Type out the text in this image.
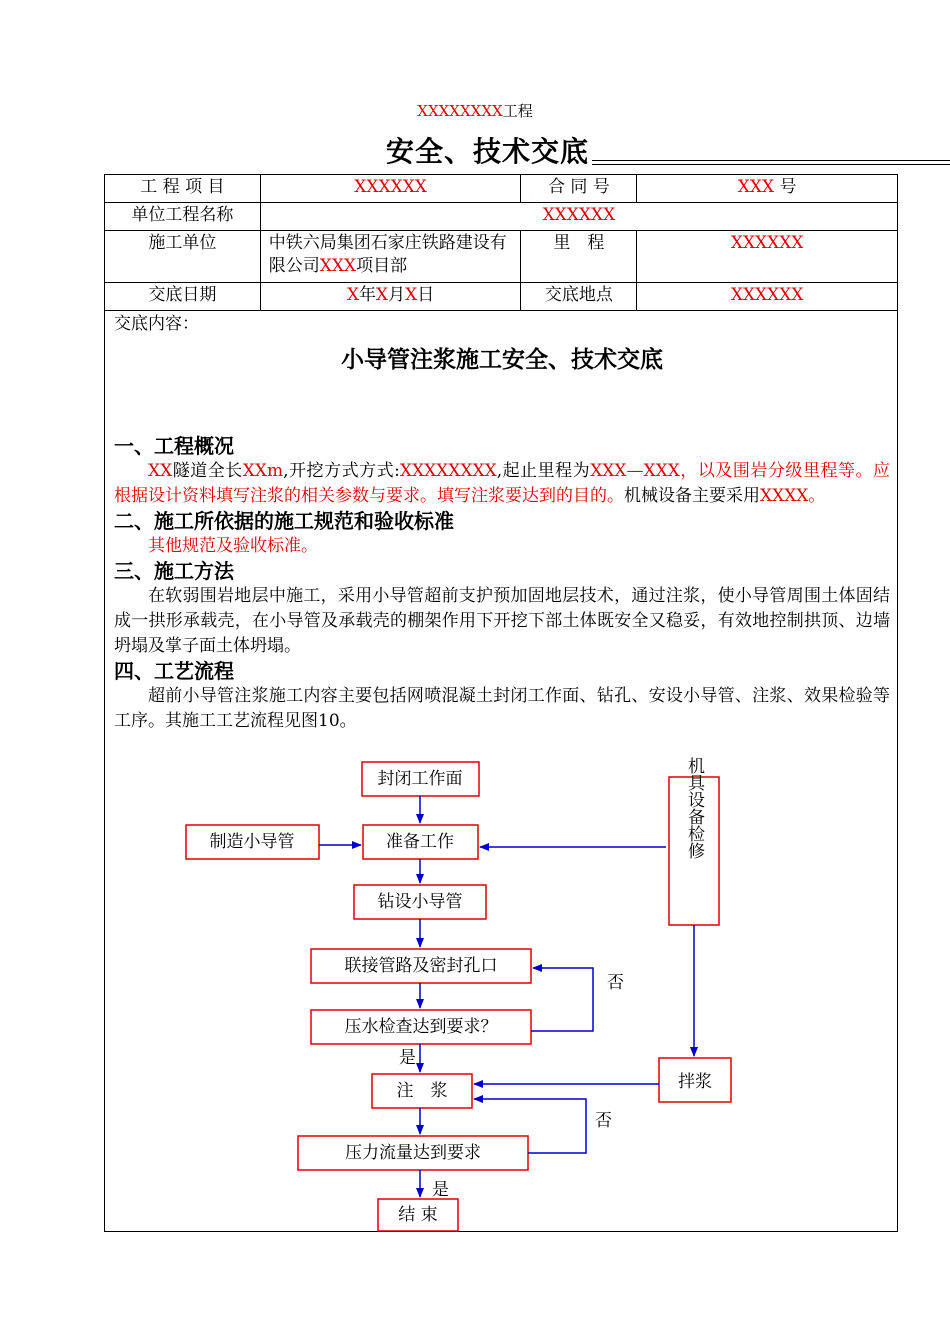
XXXXXXXX工程
安全、技术交底
工 程 项 目	XXXXXX	合 同 号	XXX 号
单位工程名称	XXXXXX		
施工单位	中铁六局集团石家庄铁路建设有限公司XXX项目部	里　程	XXXXXX
交底日期	X年X月X日	交底地点	XXXXXX
交底内容：
小导管注浆施工安全、技术交底
一、工程概况
XX隧道全长XXm,开挖方式方式:XXXXXXXX,起止里程为XXX—XXX，以及围岩分级里程等。应根据设计资料填写注浆的相关参数与要求。填写注浆要达到的目的。机械设备主要采用XXXX。
二、施工所依据的施工规范和验收标准
其他规范及验收标准。
三、施工方法
在软弱围岩地层中施工，采用小导管超前支护预加固地层技术，通过注浆，使小导管周围土体固结成一拱形承载壳，在小导管及承载壳的棚架作用下开挖下部土体既安全又稳妥，有效地控制拱顶、边墙坍塌及掌子面土体坍塌。
四、工艺流程
超前小导管注浆施工内容主要包括网喷混凝土封闭工作面、钻孔、安设小导管、注浆、效果检验等工序。其施工工艺流程见图10。
封闭工作面
制造小导管	准备工作
钻设小导管
联接管路及密封孔口
压水检查达到要求？
注　浆
压力流量达到要求
结 束
机具设备检修
拌浆
否
是
否
是
